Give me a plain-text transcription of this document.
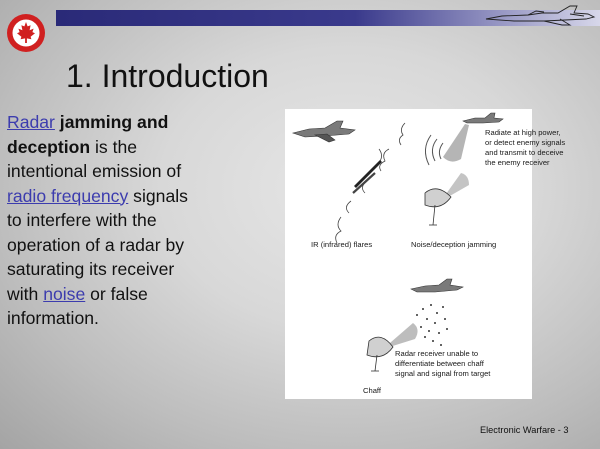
1. Introduction
Radar jamming and deception is the intentional emission of radio frequency signals to interfere with the operation of a radar by saturating its receiver with noise or false information.
IR (infrared) flares	Noise/deception jamming
Radiate at high power,
or detect enemy signals
and transmit to deceive
the enemy receiver
Radar receiver unable to
differentiate between chaff
signal and signal from target
Chaff
Electronic Warfare - 3
